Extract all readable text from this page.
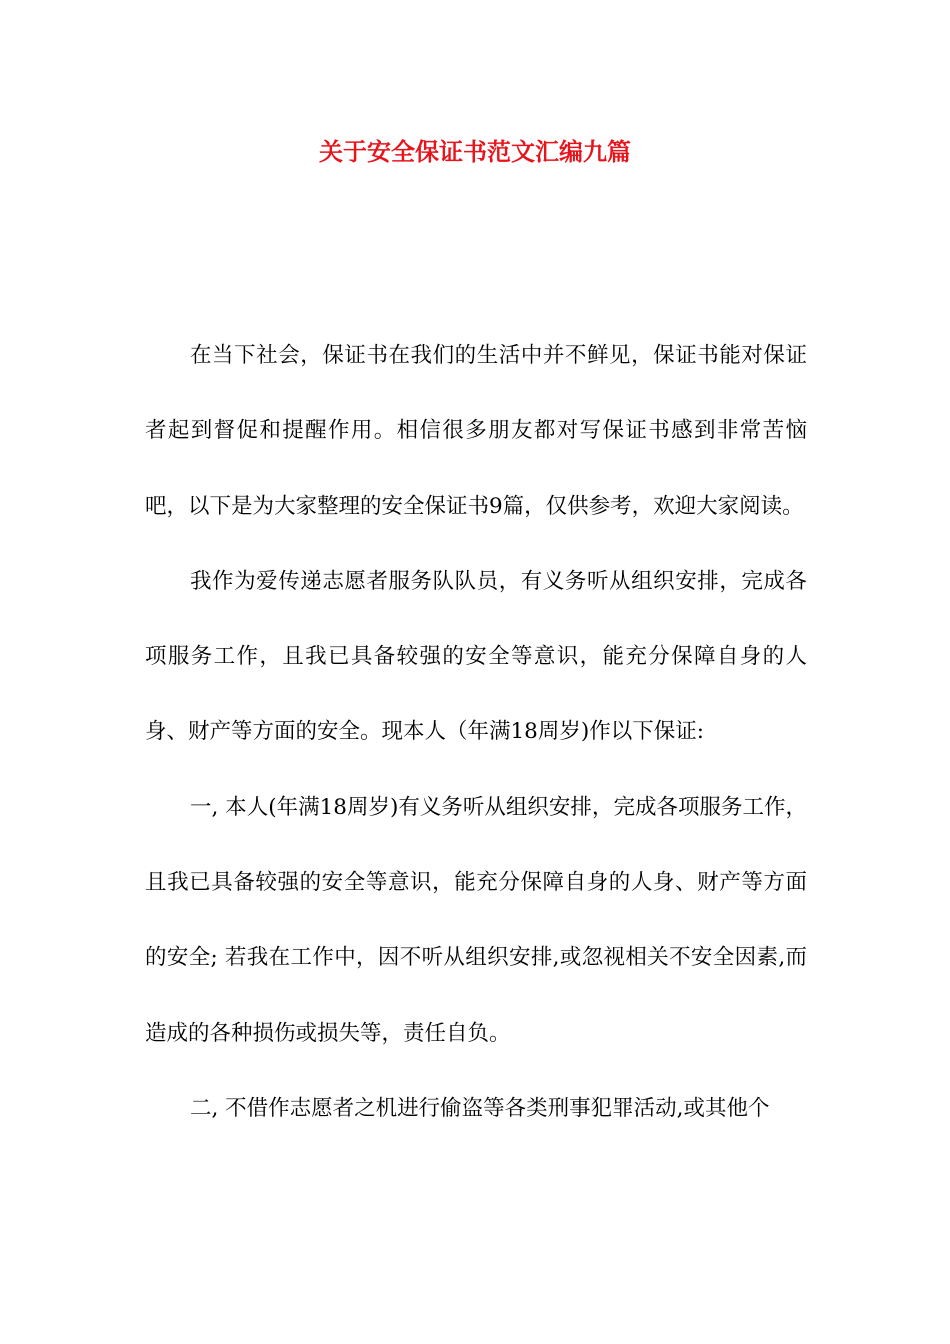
关于安全保证书范文汇编九篇

在当下社会，保证书在我们的生活中并不鲜见，保证书能对保证者起到督促和提醒作用。相信很多朋友都对写保证书感到非常苦恼吧，以下是为大家整理的安全保证书9篇，仅供参考，欢迎大家阅读。

我作为爱传递志愿者服务队队员，有义务听从组织安排，完成各项服务工作，且我已具备较强的安全等意识，能充分保障自身的人身、财产等方面的安全。现本人（年满18周岁)作以下保证:

一, 本人(年满18周岁)有义务听从组织安排，完成各项服务工作，且我已具备较强的安全等意识，能充分保障自身的人身、财产等方面的安全; 若我在工作中，因不听从组织安排,或忽视相关不安全因素,而造成的各种损伤或损失等，责任自负。

二, 不借作志愿者之机进行偷盗等各类刑事犯罪活动,或其他个
